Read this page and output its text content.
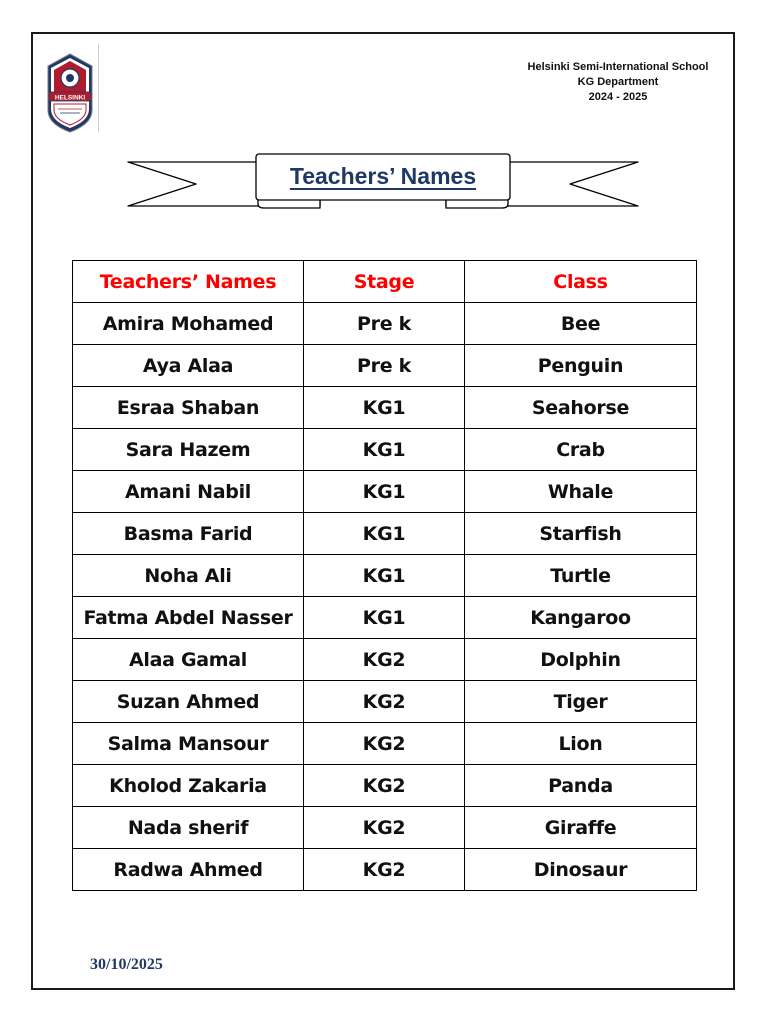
HELSINKI
Helsinki Semi-International School
KG Department
2024 - 2025
Teachers’ Names
Teachers’ Names	Stage	Class
Amira Mohamed	Pre k	Bee
Aya Alaa	Pre k	Penguin
Esraa Shaban	KG1	Seahorse
Sara Hazem	KG1	Crab
Amani Nabil	KG1	Whale
Basma Farid	KG1	Starfish
Noha Ali	KG1	Turtle
Fatma Abdel Nasser	KG1	Kangaroo
Alaa Gamal	KG2	Dolphin
Suzan Ahmed	KG2	Tiger
Salma Mansour	KG2	Lion
Kholod Zakaria	KG2	Panda
Nada sherif	KG2	Giraffe
Radwa Ahmed	KG2	Dinosaur
30/10/2025
